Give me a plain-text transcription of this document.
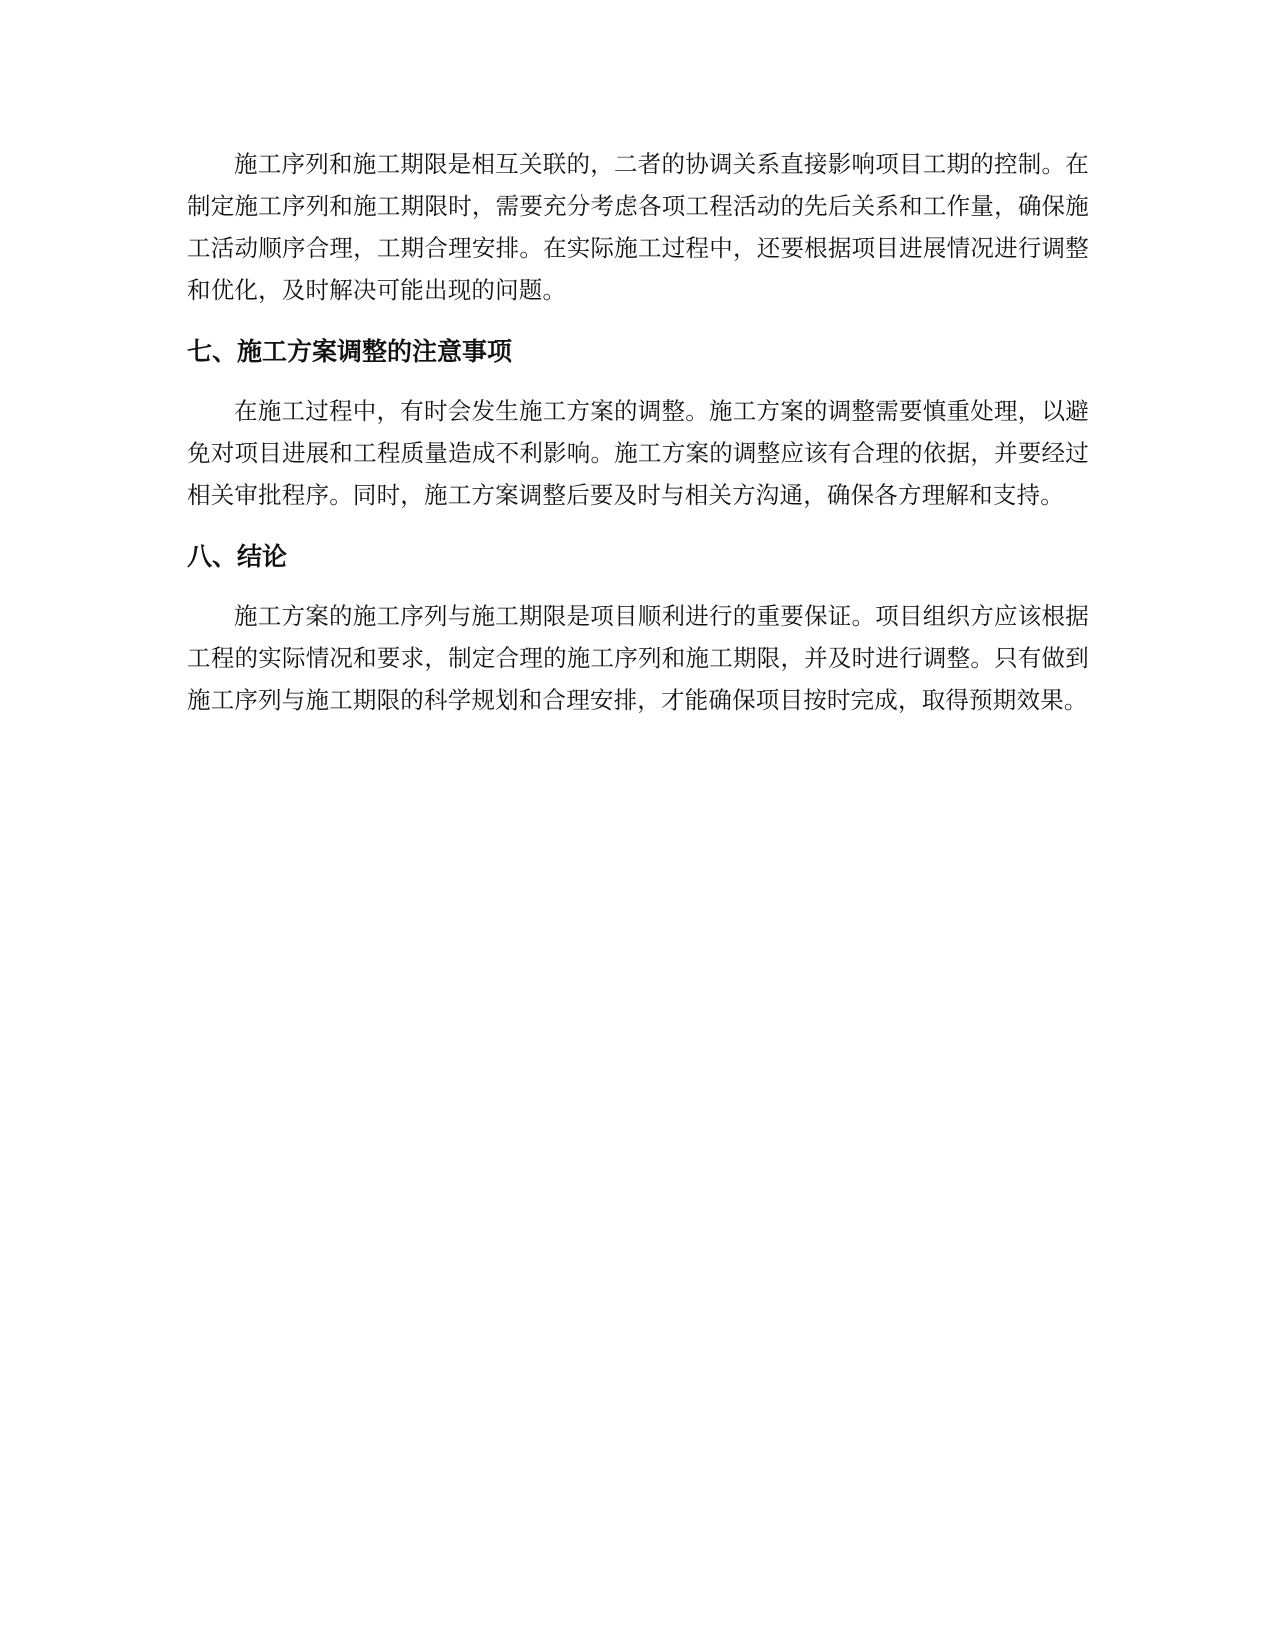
施工序列和施工期限是相互关联的，二者的协调关系直接影响项目工期的控制。在制定施工序列和施工期限时，需要充分考虑各项工程活动的先后关系和工作量，确保施工活动顺序合理，工期合理安排。在实际施工过程中，还要根据项目进展情况进行调整和优化，及时解决可能出现的问题。

七、施工方案调整的注意事项

在施工过程中，有时会发生施工方案的调整。施工方案的调整需要慎重处理，以避免对项目进展和工程质量造成不利影响。施工方案的调整应该有合理的依据，并要经过相关审批程序。同时，施工方案调整后要及时与相关方沟通，确保各方理解和支持。

八、结论

施工方案的施工序列与施工期限是项目顺利进行的重要保证。项目组织方应该根据工程的实际情况和要求，制定合理的施工序列和施工期限，并及时进行调整。只有做到施工序列与施工期限的科学规划和合理安排，才能确保项目按时完成，取得预期效果。
